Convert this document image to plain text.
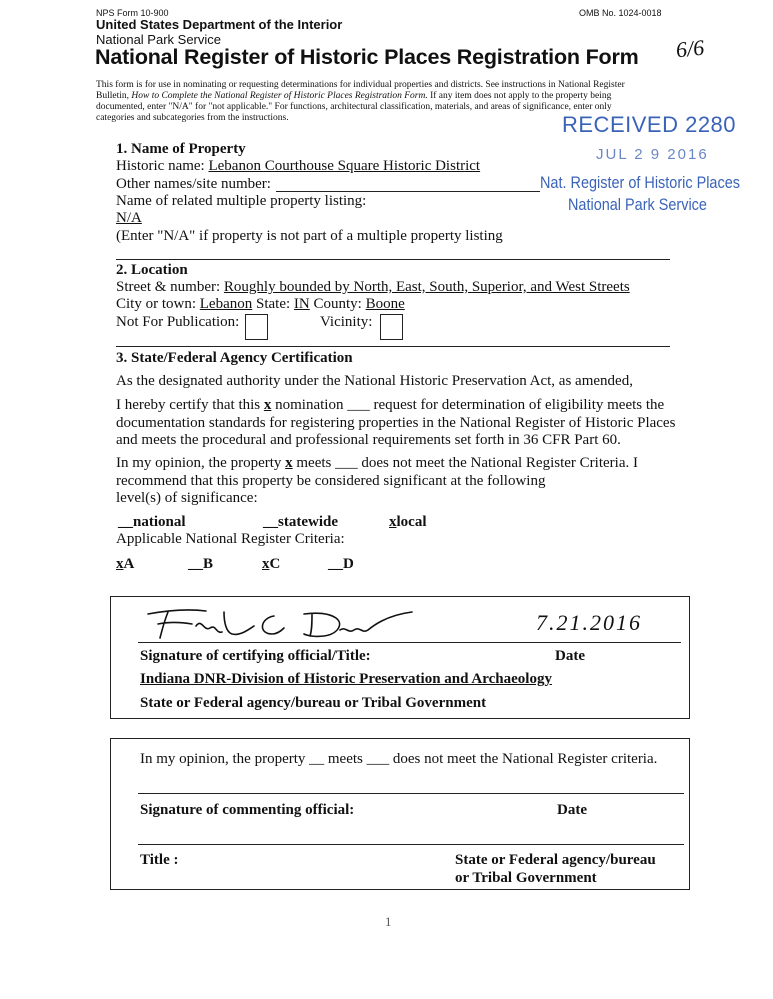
NPS Form 10-900	OMB No. 1024-0018
United States Department of the Interior
National Park Service
National Register of Historic Places Registration Form 6/6
This form is for use in nominating or requesting determinations for individual properties and districts. See instructions in National Register
Bulletin, How to Complete the National Register of Historic Places Registration Form. If any item does not apply to the property being
documented, enter "N/A" for "not applicable." For functions, architectural classification, materials, and areas of significance, enter only
categories and subcategories from the instructions.	RECEIVED 2280
JUL 2 9 2016
Nat. Register of Historic Places
National Park Service
1. Name of Property
Historic name: Lebanon Courthouse Square Historic District
Other names/site number:
Name of related multiple property listing:
N/A
(Enter "N/A" if property is not part of a multiple property listing
2. Location
Street & number: Roughly bounded by North, East, South, Superior, and West Streets
City or town: Lebanon State: IN County: Boone
Not For Publication:	Vicinity:
3. State/Federal Agency Certification
As the designated authority under the National Historic Preservation Act, as amended,
I hereby certify that this x nomination ___ request for determination of eligibility meets the
documentation standards for registering properties in the National Register of Historic Places
and meets the procedural and professional requirements set forth in 36 CFR Part 60.
In my opinion, the property x meets ___ does not meet the National Register Criteria. I
recommend that this property be considered significant at the following
level(s) of significance:
__national	__statewide	xlocal
Applicable National Register Criteria:
xA	__B	xC	__D
7.21.2016
Signature of certifying official/Title:	Date
Indiana DNR-Division of Historic Preservation and Archaeology
State or Federal agency/bureau or Tribal Government
In my opinion, the property __ meets ___ does not meet the National Register criteria.
Signature of commenting official:	Date
Title :	State or Federal agency/bureau
or Tribal Government
1
